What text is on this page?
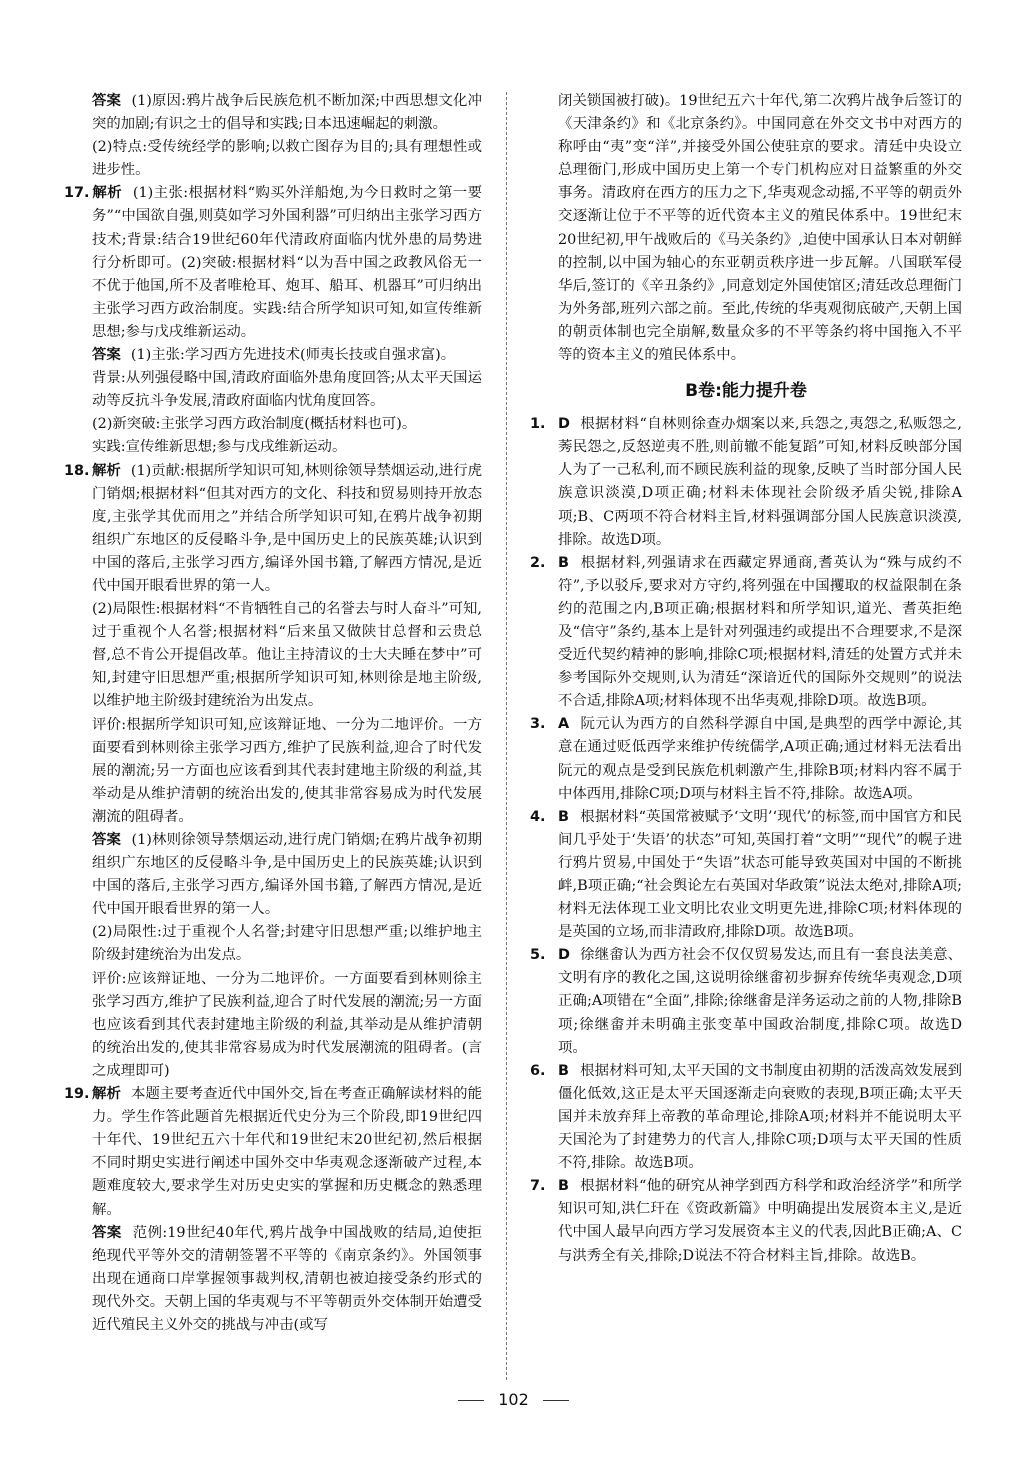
答案 (1)原因:鸦片战争后民族危机不断加深;中西思想文化冲突的加剧;有识之士的倡导和实践;日本迅速崛起的刺激。

(2)特点:受传统经学的影响;以救亡图存为目的;具有理想性或进步性。

17. 解析 (1)主张:根据材料“购买外洋船炮,为今日救时之第一要务”“中国欲自强,则莫如学习外国利器”可归纳出主张学习西方技术;背景:结合19世纪60年代清政府面临内忧外患的局势进行分析即可。(2)突破:根据材料“以为吾中国之政教风俗无一不优于他国,所不及者唯枪耳、炮耳、船耳、机器耳”可归纳出主张学习西方政治制度。实践:结合所学知识可知,如宣传维新思想;参与戊戌维新运动。

答案 (1)主张:学习西方先进技术(师夷长技或自强求富)。

背景:从列强侵略中国,清政府面临外患角度回答;从太平天国运动等反抗斗争发展,清政府面临内忧角度回答。

(2)新突破:主张学习西方政治制度(概括材料也可)。

实践:宣传维新思想;参与戊戌维新运动。

18. 解析 (1)贡献:根据所学知识可知,林则徐领导禁烟运动,进行虎门销烟;根据材料“但其对西方的文化、科技和贸易则持开放态度,主张学其优而用之”并结合所学知识可知,在鸦片战争初期组织广东地区的反侵略斗争,是中国历史上的民族英雄;认识到中国的落后,主张学习西方,编译外国书籍,了解西方情况,是近代中国开眼看世界的第一人。

(2)局限性:根据材料“不肯牺牲自己的名誉去与时人奋斗”可知,过于重视个人名誉;根据材料“后来虽又做陕甘总督和云贵总督,总不肯公开提倡改革。他让主持清议的士大夫睡在梦中”可知,封建守旧思想严重;根据所学知识可知,林则徐是地主阶级,以维护地主阶级封建统治为出发点。

评价:根据所学知识可知,应该辩证地、一分为二地评价。一方面要看到林则徐主张学习西方,维护了民族利益,迎合了时代发展的潮流;另一方面也应该看到其代表封建地主阶级的利益,其举动是从维护清朝的统治出发的,使其非常容易成为时代发展潮流的阻碍者。

答案 (1)林则徐领导禁烟运动,进行虎门销烟;在鸦片战争初期组织广东地区的反侵略斗争,是中国历史上的民族英雄;认识到中国的落后,主张学习西方,编译外国书籍,了解西方情况,是近代中国开眼看世界的第一人。

(2)局限性:过于重视个人名誉;封建守旧思想严重;以维护地主阶级封建统治为出发点。

评价:应该辩证地、一分为二地评价。一方面要看到林则徐主张学习西方,维护了民族利益,迎合了时代发展的潮流;另一方面也应该看到其代表封建地主阶级的利益,其举动是从维护清朝的统治出发的,使其非常容易成为时代发展潮流的阻碍者。(言之成理即可)

19. 解析 本题主要考查近代中国外交,旨在考查正确解读材料的能力。学生作答此题首先根据近代史分为三个阶段,即19世纪四十年代、19世纪五六十年代和19世纪末20世纪初,然后根据不同时期史实进行阐述中国外交中华夷观念逐渐破产过程,本题难度较大,要求学生对历史史实的掌握和历史概念的熟悉理解。

答案 范例:19世纪40年代,鸦片战争中国战败的结局,迫使拒绝现代平等外交的清朝签署不平等的《南京条约》。外国领事出现在通商口岸掌握领事裁判权,清朝也被迫接受条约形式的现代外交。天朝上国的华夷观与不平等朝贡外交体制开始遭受近代殖民主义外交的挑战与冲击(或写

闭关锁国被打破)。19世纪五六十年代,第二次鸦片战争后签订的《天津条约》和《北京条约》。中国同意在外交文书中对西方的称呼由“夷”变“洋”,并接受外国公使驻京的要求。清廷中央设立总理衙门,形成中国历史上第一个专门机构应对日益繁重的外交事务。清政府在西方的压力之下,华夷观念动摇,不平等的朝贡外交逐渐让位于不平等的近代资本主义的殖民体系中。19世纪末20世纪初,甲午战败后的《马关条约》,迫使中国承认日本对朝鲜的控制,以中国为轴心的东亚朝贡秩序进一步瓦解。八国联军侵华后,签订的《辛丑条约》,同意划定外国使馆区;清廷改总理衙门为外务部,班列六部之前。至此,传统的华夷观彻底破产,天朝上国的朝贡体制也完全崩解,数量众多的不平等条约将中国拖入不平等的资本主义的殖民体系中。

B卷:能力提升卷

1. D 根据材料“自林则徐查办烟案以来,兵怨之,夷怨之,私贩怨之,莠民怨之,反怒逆夷不胜,则前辙不能复蹈”可知,材料反映部分国人为了一己私利,而不顾民族利益的现象,反映了当时部分国人民族意识淡漠,D项正确;材料未体现社会阶级矛盾尖锐,排除A项;B、C两项不符合材料主旨,材料强调部分国人民族意识淡漠,排除。故选D项。

2. B 根据材料,列强请求在西藏定界通商,耆英认为“殊与成约不符”,予以驳斥,要求对方守约,将列强在中国攫取的权益限制在条约的范围之内,B项正确;根据材料和所学知识,道光、耆英拒绝及“信守”条约,基本上是针对列强违约或提出不合理要求,不是深受近代契约精神的影响,排除C项;根据材料,清廷的处置方式并未参考国际外交规则,认为清廷“深谙近代的国际外交规则”的说法不合适,排除A项;材料体现不出华夷观,排除D项。故选B项。

3. A 阮元认为西方的自然科学源自中国,是典型的西学中源论,其意在通过贬低西学来维护传统儒学,A项正确;通过材料无法看出阮元的观点是受到民族危机刺激产生,排除B项;材料内容不属于中体西用,排除C项;D项与材料主旨不符,排除。故选A项。

4. B 根据材料“英国常被赋予‘文明’‘现代’的标签,而中国官方和民间几乎处于‘失语’的状态”可知,英国打着“文明”“现代”的幌子进行鸦片贸易,中国处于“失语”状态可能导致英国对中国的不断挑衅,B项正确;“社会舆论左右英国对华政策”说法太绝对,排除A项;材料无法体现工业文明比农业文明更先进,排除C项;材料体现的是英国的立场,而非清政府,排除D项。故选B项。

5. D 徐继畬认为西方社会不仅仅贸易发达,而且有一套良法美意、文明有序的教化之国,这说明徐继畬初步摒弃传统华夷观念,D项正确;A项错在“全面”,排除;徐继畬是洋务运动之前的人物,排除B项;徐继畬并未明确主张变革中国政治制度,排除C项。故选D项。

6. B 根据材料可知,太平天国的文书制度由初期的活泼高效发展到僵化低效,这正是太平天国逐渐走向衰败的表现,B项正确;太平天国并未放弃拜上帝教的革命理论,排除A项;材料并不能说明太平天国沦为了封建势力的代言人,排除C项;D项与太平天国的性质不符,排除。故选B项。

7. B 根据材料“他的研究从神学到西方科学和政治经济学”和所学知识可知,洪仁玕在《资政新篇》中明确提出发展资本主义,是近代中国人最早向西方学习发展资本主义的代表,因此B正确;A、C与洪秀全有关,排除;D说法不符合材料主旨,排除。故选B。

102
